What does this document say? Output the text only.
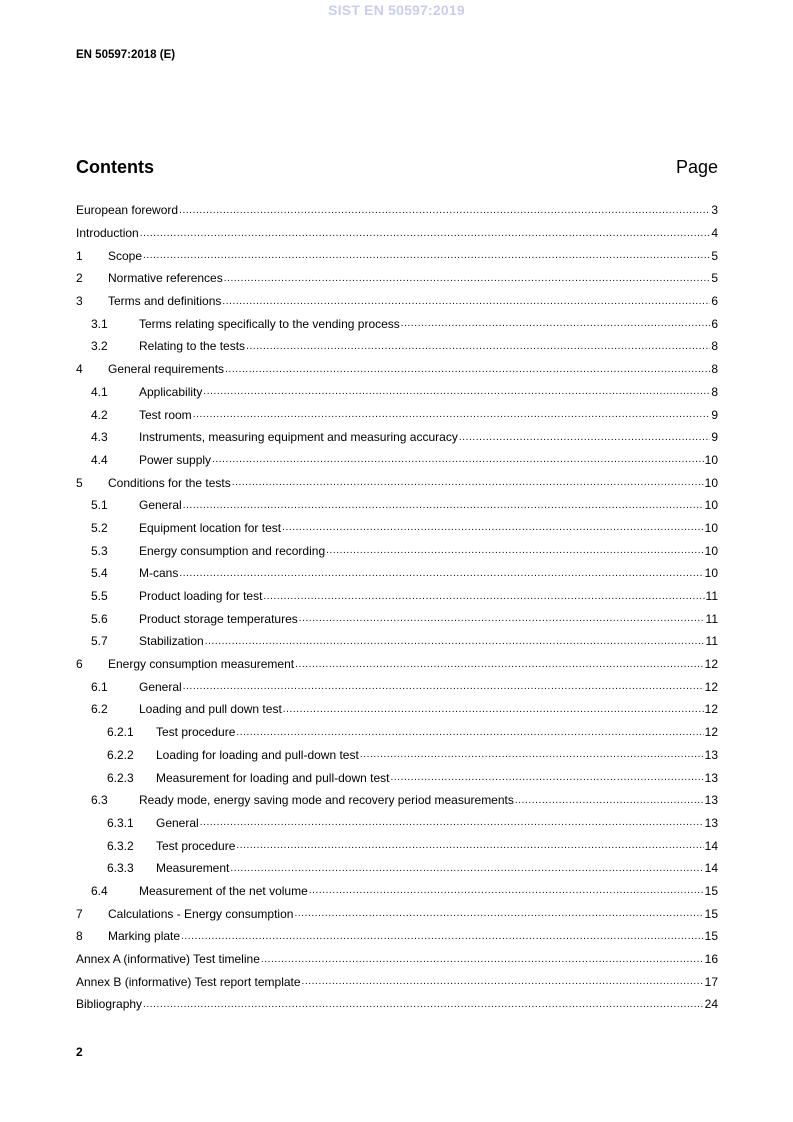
SIST EN 50597:2019
EN 50597:2018 (E)
Contents	Page
European foreword .....	3
Introduction .....	4
1	Scope .....	5
2	Normative references .....	5
3	Terms and definitions .....	6
3.1	Terms relating specifically to the vending process .....	6
3.2	Relating to the tests .....	8
4	General requirements .....	8
4.1	Applicability .....	8
4.2	Test room .....	9
4.3	Instruments, measuring equipment and measuring accuracy .....	9
4.4	Power supply .....	10
5	Conditions for the tests .....	10
5.1	General .....	10
5.2	Equipment location for test .....	10
5.3	Energy consumption and recording .....	10
5.4	M-cans .....	10
5.5	Product loading for test .....	11
5.6	Product storage temperatures .....	11
5.7	Stabilization .....	11
6	Energy consumption measurement .....	12
6.1	General .....	12
6.2	Loading and pull down test .....	12
6.2.1	Test procedure .....	12
6.2.2	Loading for loading and pull-down test .....	13
6.2.3	Measurement for loading and pull-down test .....	13
6.3	Ready mode, energy saving mode and recovery period measurements .....	13
6.3.1	General .....	13
6.3.2	Test procedure .....	14
6.3.3	Measurement .....	14
6.4	Measurement of the net volume .....	15
7	Calculations - Energy consumption .....	15
8	Marking plate .....	15
Annex A (informative) Test timeline .....	16
Annex B (informative) Test report template .....	17
Bibliography .....	24
2
